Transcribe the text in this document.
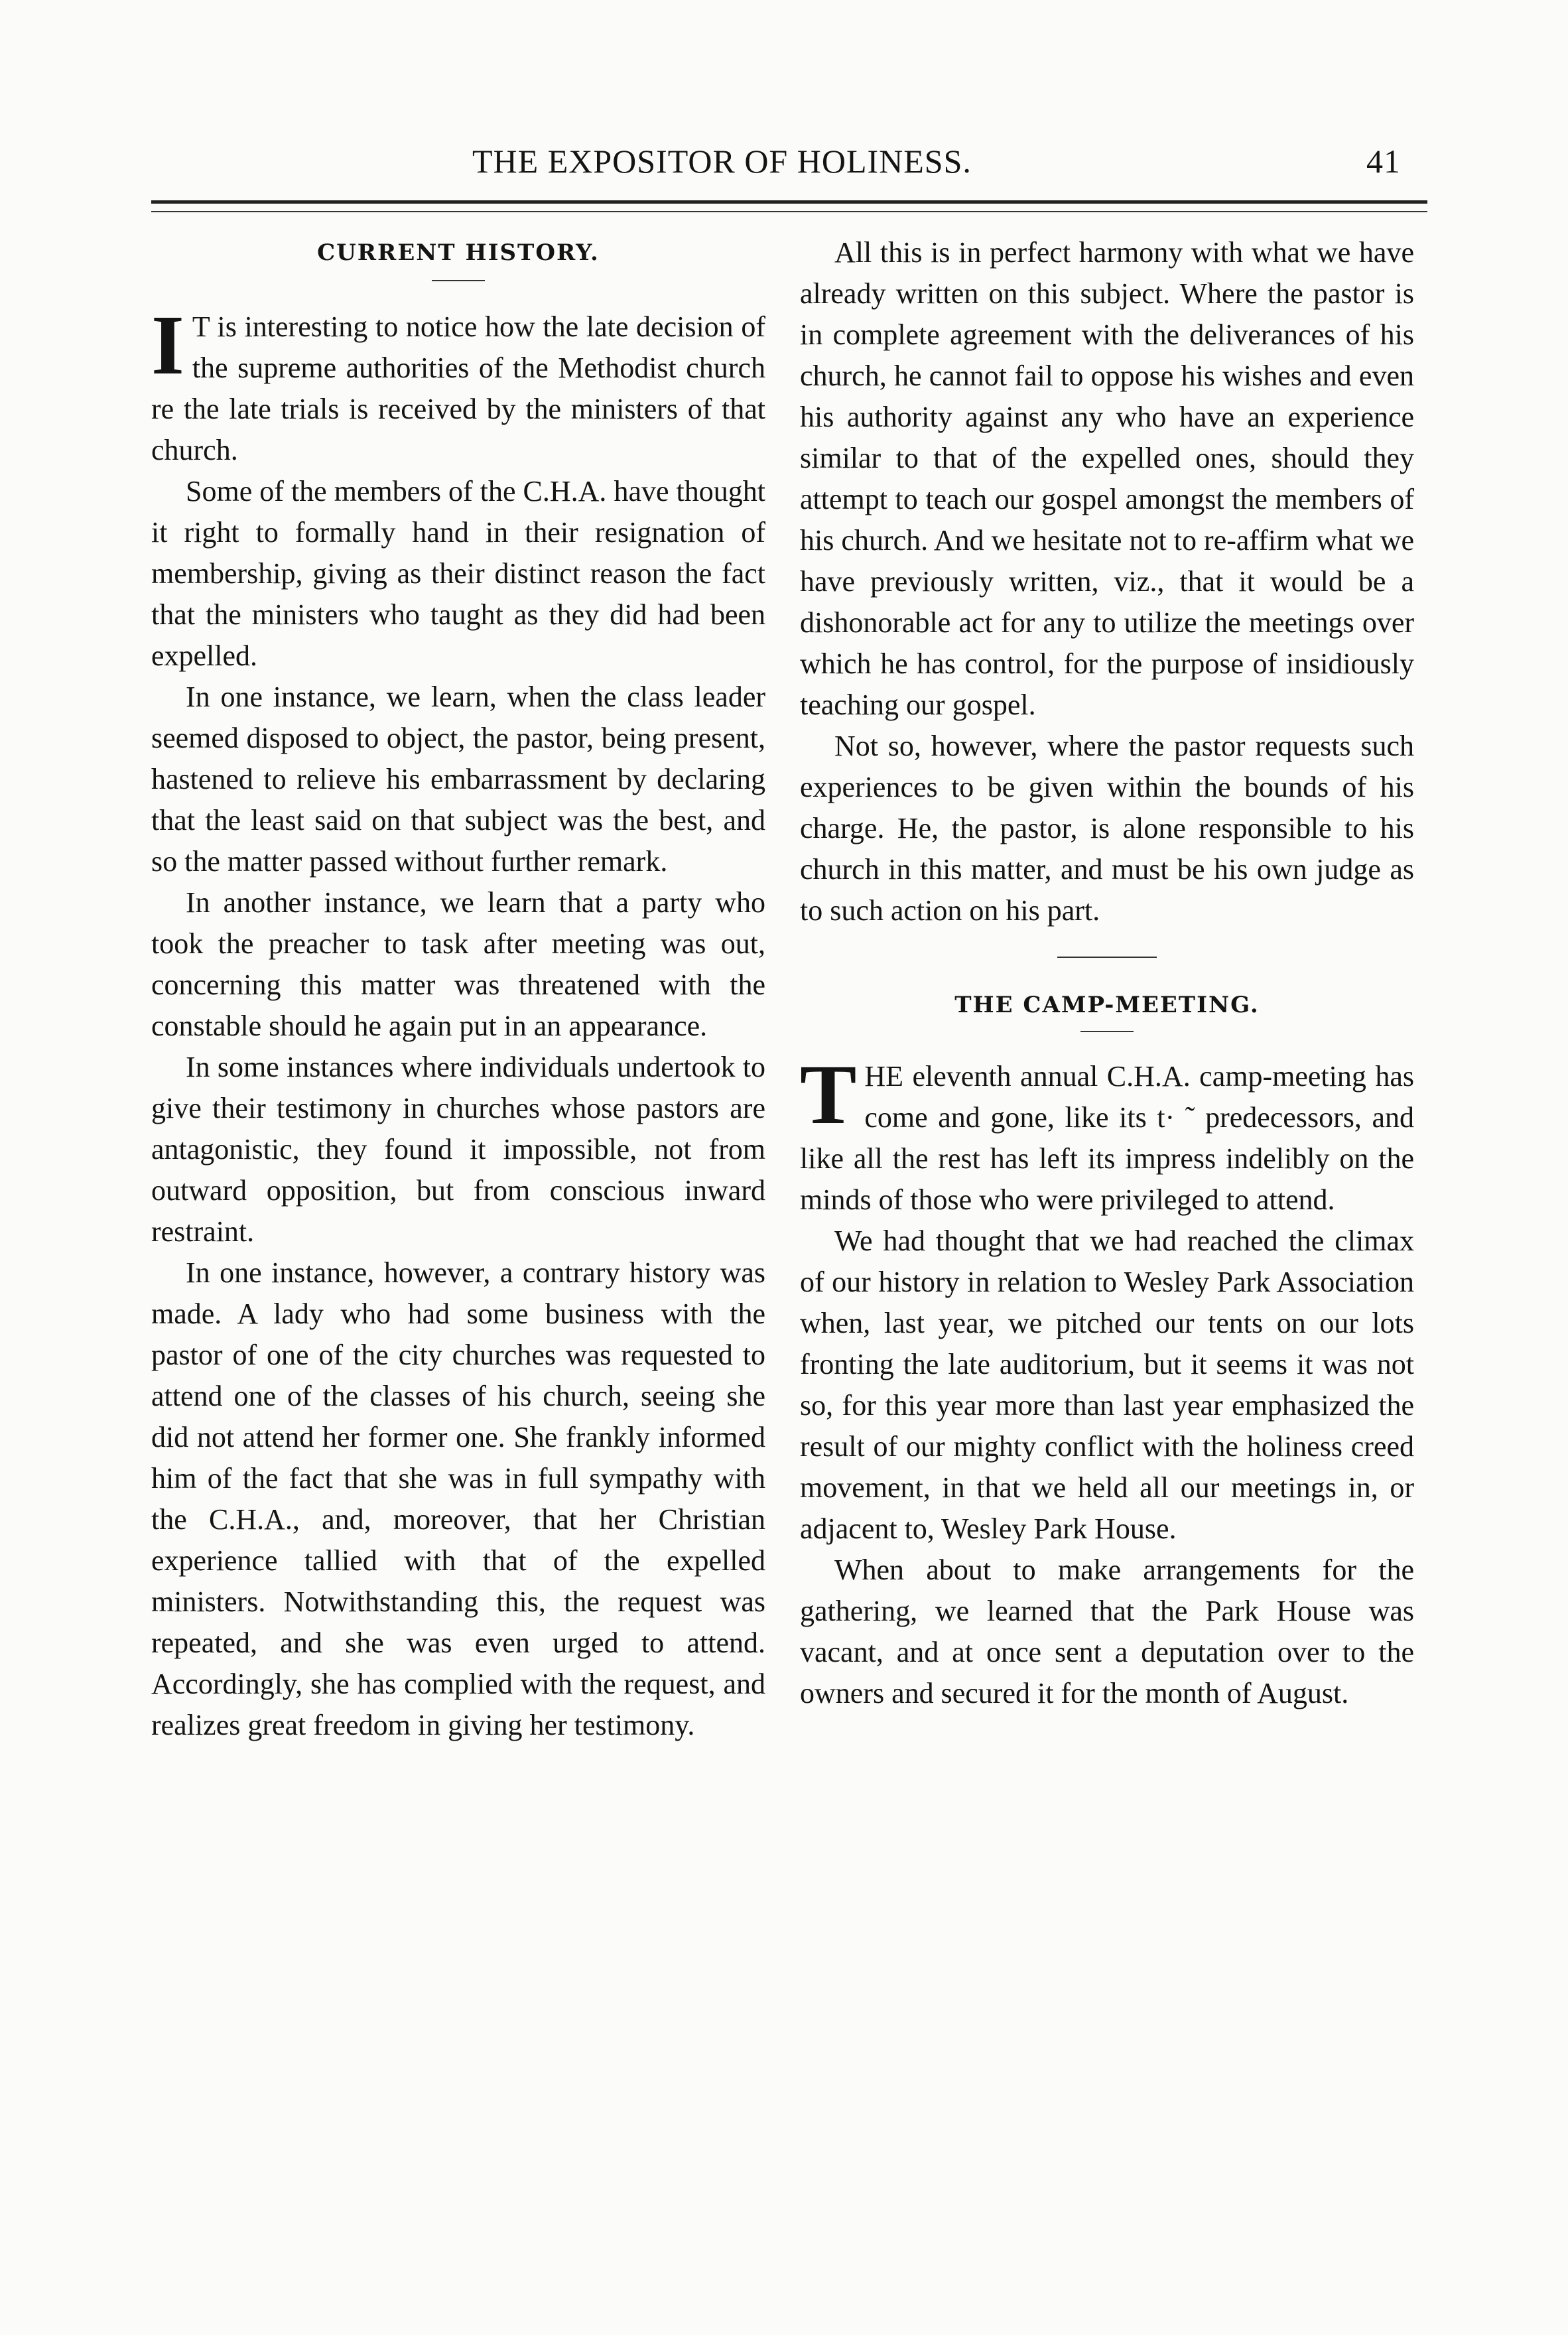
THE EXPOSITOR OF HOLINESS.	41
CURRENT HISTORY.

I T is interesting to notice how the late decision of the supreme authorities of the Methodist church re the late trials is received by the ministers of that church.

Some of the members of the C.H.A. have thought it right to formally hand in their resignation of membership, giving as their distinct reason the fact that the ministers who taught as they did had been expelled.

In one instance, we learn, when the class leader seemed disposed to object, the pastor, being present, hastened to relieve his embarrassment by declaring that the least said on that subject was the best, and so the matter passed without further remark.

In another instance, we learn that a party who took the preacher to task after meeting was out, concerning this matter was threatened with the constable should he again put in an appearance.

In some instances where individuals undertook to give their testimony in churches whose pastors are antagonistic, they found it impossible, not from outward opposition, but from conscious inward restraint.

In one instance, however, a contrary history was made. A lady who had some business with the pastor of one of the city churches was requested to attend one of the classes of his church, seeing she did not attend her former one. She frankly informed him of the fact that she was in full sympathy with the C.H.A., and, moreover, that her Christian experience tallied with that of the expelled ministers. Notwithstanding this, the request was repeated, and she was even urged to attend. Accordingly, she has complied with the request, and realizes great freedom in giving her testimony.

All this is in perfect harmony with what we have already written on this subject. Where the pastor is in complete agreement with the deliverances of his church, he cannot fail to oppose his wishes and even his authority against any who have an experience similar to that of the expelled ones, should they attempt to teach our gospel amongst the members of his church. And we hesitate not to re-affirm what we have previously written, viz., that it would be a dishonorable act for any to utilize the meetings over which he has control, for the purpose of insidiously teaching our gospel.

Not so, however, where the pastor requests such experiences to be given within the bounds of his charge. He, the pastor, is alone responsible to his church in this matter, and must be his own judge as to such action on his part.

THE CAMP-MEETING.

THE eleventh annual C.H.A. camp-meeting has come and gone, like its t· ˜ predecessors, and like all the rest has left its impress indelibly on the minds of those who were privileged to attend.

We had thought that we had reached the climax of our history in relation to Wesley Park Association when, last year, we pitched our tents on our lots fronting the late auditorium, but it seems it was not so, for this year more than last year emphasized the result of our mighty conflict with the holiness creed movement, in that we held all our meetings in, or adjacent to, Wesley Park House.

When about to make arrangements for the gathering, we learned that the Park House was vacant, and at once sent a deputation over to the owners and secured it for the month of August.
